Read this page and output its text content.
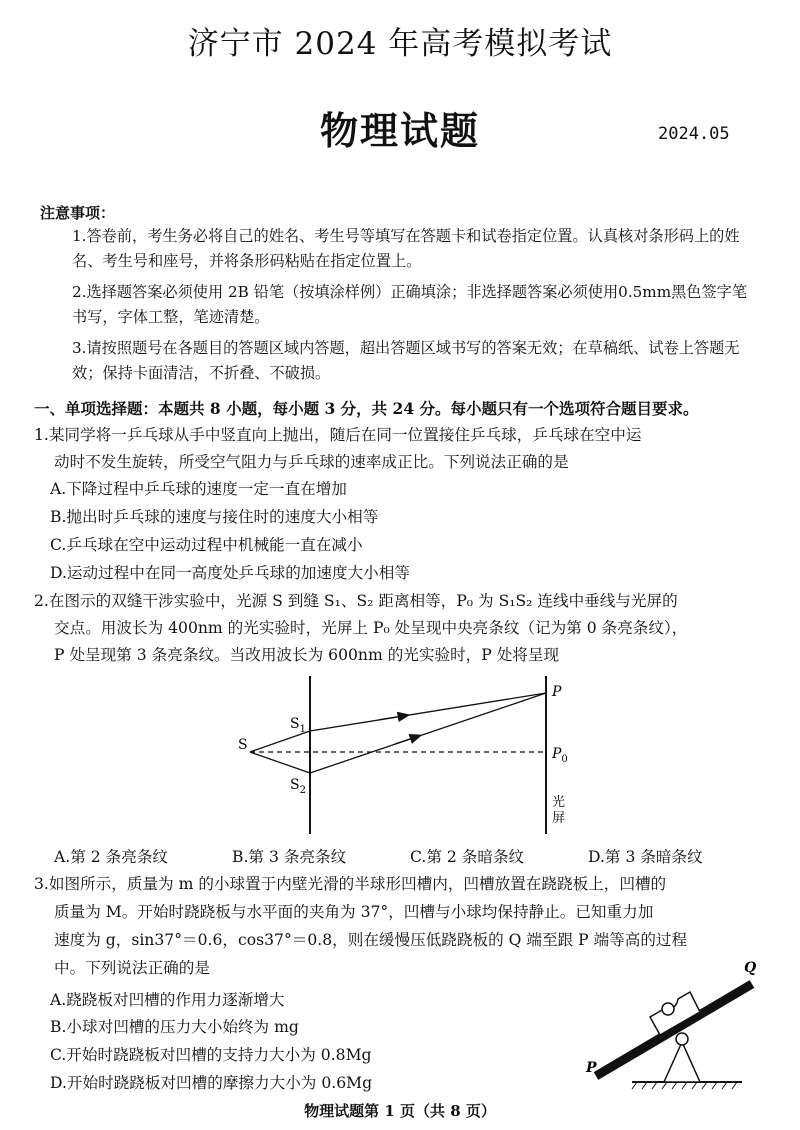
济宁市 2024 年高考模拟考试
物理试题	2024.05
注意事项：
1.答卷前，考生务必将自己的姓名、考生号等填写在答题卡和试卷指定位置。认真核对条形码上的姓名、考生号和座号，并将条形码粘贴在指定位置上。
2.选择题答案必须使用 2B 铅笔（按填涂样例）正确填涂；非选择题答案必须使用0.5mm黑色签字笔书写，字体工整，笔迹清楚。
3.请按照题号在各题目的答题区域内答题，超出答题区域书写的答案无效；在草稿纸、试卷上答题无效；保持卡面清洁，不折叠、不破损。
一、单项选择题：本题共 8 小题，每小题 3 分，共 24 分。每小题只有一个选项符合题目要求。
1.某同学将一乒乓球从手中竖直向上抛出，随后在同一位置接住乒乓球，乒乓球在空中运
动时不发生旋转，所受空气阻力与乒乓球的速率成正比。下列说法正确的是
A.下降过程中乒乓球的速度一定一直在增加
B.抛出时乒乓球的速度与接住时的速度大小相等
C.乒乓球在空中运动过程中机械能一直在减小
D.运动过程中在同一高度处乒乓球的加速度大小相等
2.在图示的双缝干涉实验中，光源 S 到缝 S₁、S₂ 距离相等，P₀ 为 S₁S₂ 连线中垂线与光屏的
交点。用波长为 400nm 的光实验时，光屏上 P₀ 处呈现中央亮条纹（记为第 0 条亮条纹），
P 处呈现第 3 条亮条纹。当改用波长为 600nm 的光实验时，P 处将呈现
S
$S_1$
$S_2$
P
$P_0$
光
屏
A.第 2 条亮条纹	B.第 3 条亮条纹	C.第 2 条暗条纹	D.第 3 条暗条纹
3.如图所示，质量为 m 的小球置于内壁光滑的半球形凹槽内，凹槽放置在跷跷板上，凹槽的
质量为 M。开始时跷跷板与水平面的夹角为 37°，凹槽与小球均保持静止。已知重力加
速度为 g，sin37°＝0.6，cos37°＝0.8，则在缓慢压低跷跷板的 Q 端至跟 P 端等高的过程
中。下列说法正确的是
A.跷跷板对凹槽的作用力逐渐增大
B.小球对凹槽的压力大小始终为 mg
C.开始时跷跷板对凹槽的支持力大小为 0.8Mg
D.开始时跷跷板对凹槽的摩擦力大小为 0.6Mg
Q
P
物理试题第 1 页（共 8 页）
